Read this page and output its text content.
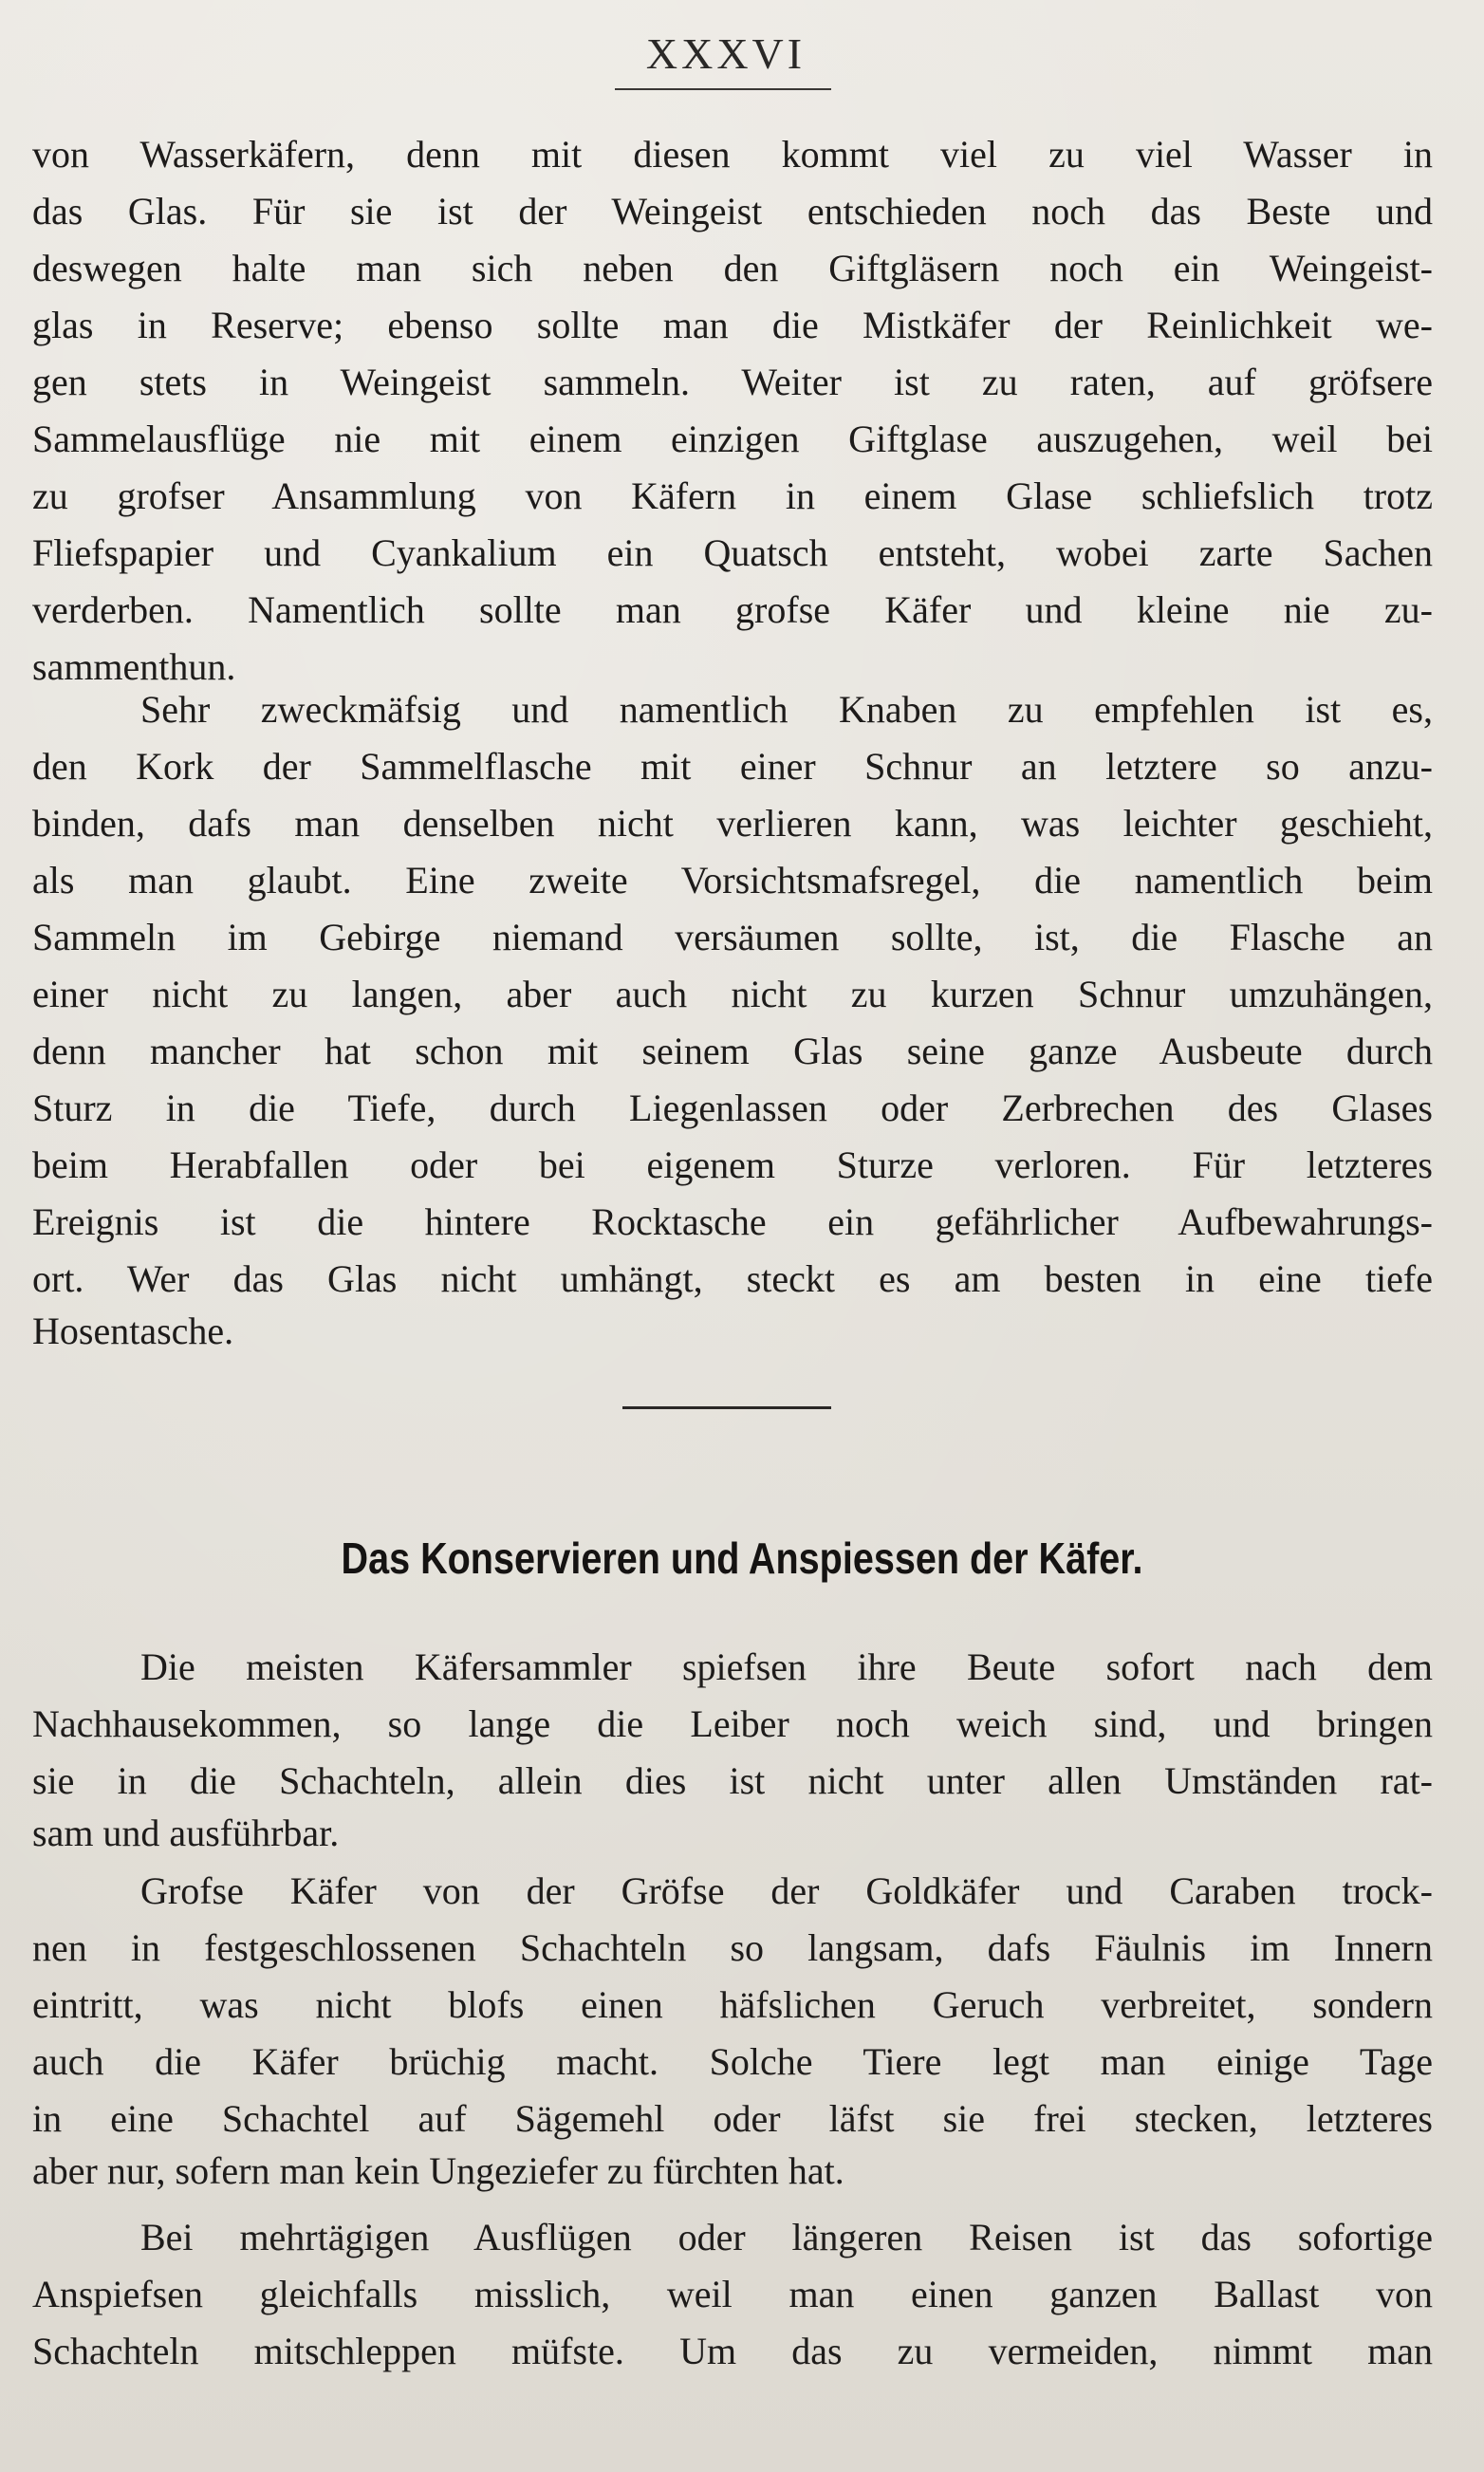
XXXVI
von Wasserkäfern, denn mit diesen kommt viel zu viel Wasser in
das Glas. Für sie ist der Weingeist entschieden noch das Beste und
deswegen halte man sich neben den Giftgläsern noch ein Weingeist-
glas in Reserve; ebenso sollte man die Mistkäfer der Reinlichkeit we-
gen stets in Weingeist sammeln. Weiter ist zu raten, auf gröfsere
Sammelausflüge nie mit einem einzigen Giftglase auszugehen, weil bei
zu grofser Ansammlung von Käfern in einem Glase schliefslich trotz
Fliefspapier und Cyankalium ein Quatsch entsteht, wobei zarte Sachen
verderben. Namentlich sollte man grofse Käfer und kleine nie zu-
sammenthun.
Sehr zweckmäfsig und namentlich Knaben zu empfehlen ist es,
den Kork der Sammelflasche mit einer Schnur an letztere so anzu-
binden, dafs man denselben nicht verlieren kann, was leichter geschieht,
als man glaubt. Eine zweite Vorsichtsmafsregel, die namentlich beim
Sammeln im Gebirge niemand versäumen sollte, ist, die Flasche an
einer nicht zu langen, aber auch nicht zu kurzen Schnur umzuhängen,
denn mancher hat schon mit seinem Glas seine ganze Ausbeute durch
Sturz in die Tiefe, durch Liegenlassen oder Zerbrechen des Glases
beim Herabfallen oder bei eigenem Sturze verloren. Für letzteres
Ereignis ist die hintere Rocktasche ein gefährlicher Aufbewahrungs-
ort. Wer das Glas nicht umhängt, steckt es am besten in eine tiefe
Hosentasche.
Das Konservieren und Anspiessen der Käfer.
Die meisten Käfersammler spiefsen ihre Beute sofort nach dem
Nachhausekommen, so lange die Leiber noch weich sind, und bringen
sie in die Schachteln, allein dies ist nicht unter allen Umständen rat-
sam und ausführbar.
Grofse Käfer von der Gröfse der Goldkäfer und Caraben trock-
nen in festgeschlossenen Schachteln so langsam, dafs Fäulnis im Innern
eintritt, was nicht blofs einen häfslichen Geruch verbreitet, sondern
auch die Käfer brüchig macht. Solche Tiere legt man einige Tage
in eine Schachtel auf Sägemehl oder läfst sie frei stecken, letzteres
aber nur, sofern man kein Ungeziefer zu fürchten hat.
Bei mehrtägigen Ausflügen oder längeren Reisen ist das sofortige
Anspiefsen gleichfalls misslich, weil man einen ganzen Ballast von
Schachteln mitschleppen müfste. Um das zu vermeiden, nimmt man
